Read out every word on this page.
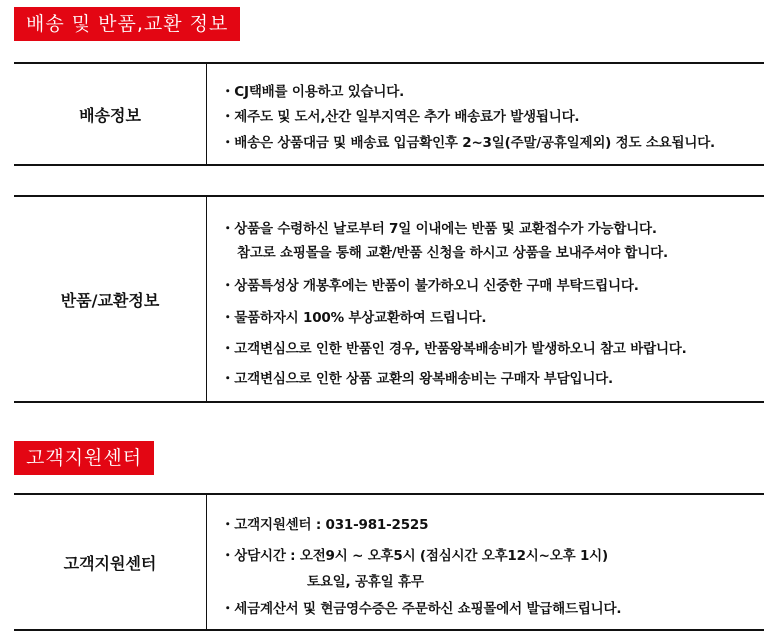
배송 및 반품,교환 정보
배송정보
・CJ택배를 이용하고 있습니다.
・제주도 및 도서,산간 일부지역은 추가 배송료가 발생됩니다.
・배송은 상품대금 및 배송료 입금확인후 2~3일(주말/공휴일제외) 정도 소요됩니다.
반품/교환정보
・상품을 수령하신 날로부터 7일 이내에는 반품 및 교환접수가 가능합니다.
참고로 쇼핑몰을 통해 교환/반품 신청을 하시고 상품을 보내주셔야 합니다.
・상품특성상 개봉후에는 반품이 불가하오니 신중한 구매 부탁드립니다.
・물품하자시 100% 부상교환하여 드립니다.
・고객변심으로 인한 반품인 경우, 반품왕복배송비가 발생하오니 참고 바랍니다.
・고객변심으로 인한 상품 교환의 왕복배송비는 구매자 부담입니다.
고객지원센터
고객지원센터
・고객지원센터 : 031-981-2525
・상담시간 : 오전9시 ~ 오후5시 (점심시간 오후12시~오후 1시)
토요일, 공휴일 휴무
・세금계산서 및 현금영수증은 주문하신 쇼핑몰에서 발급해드립니다.
